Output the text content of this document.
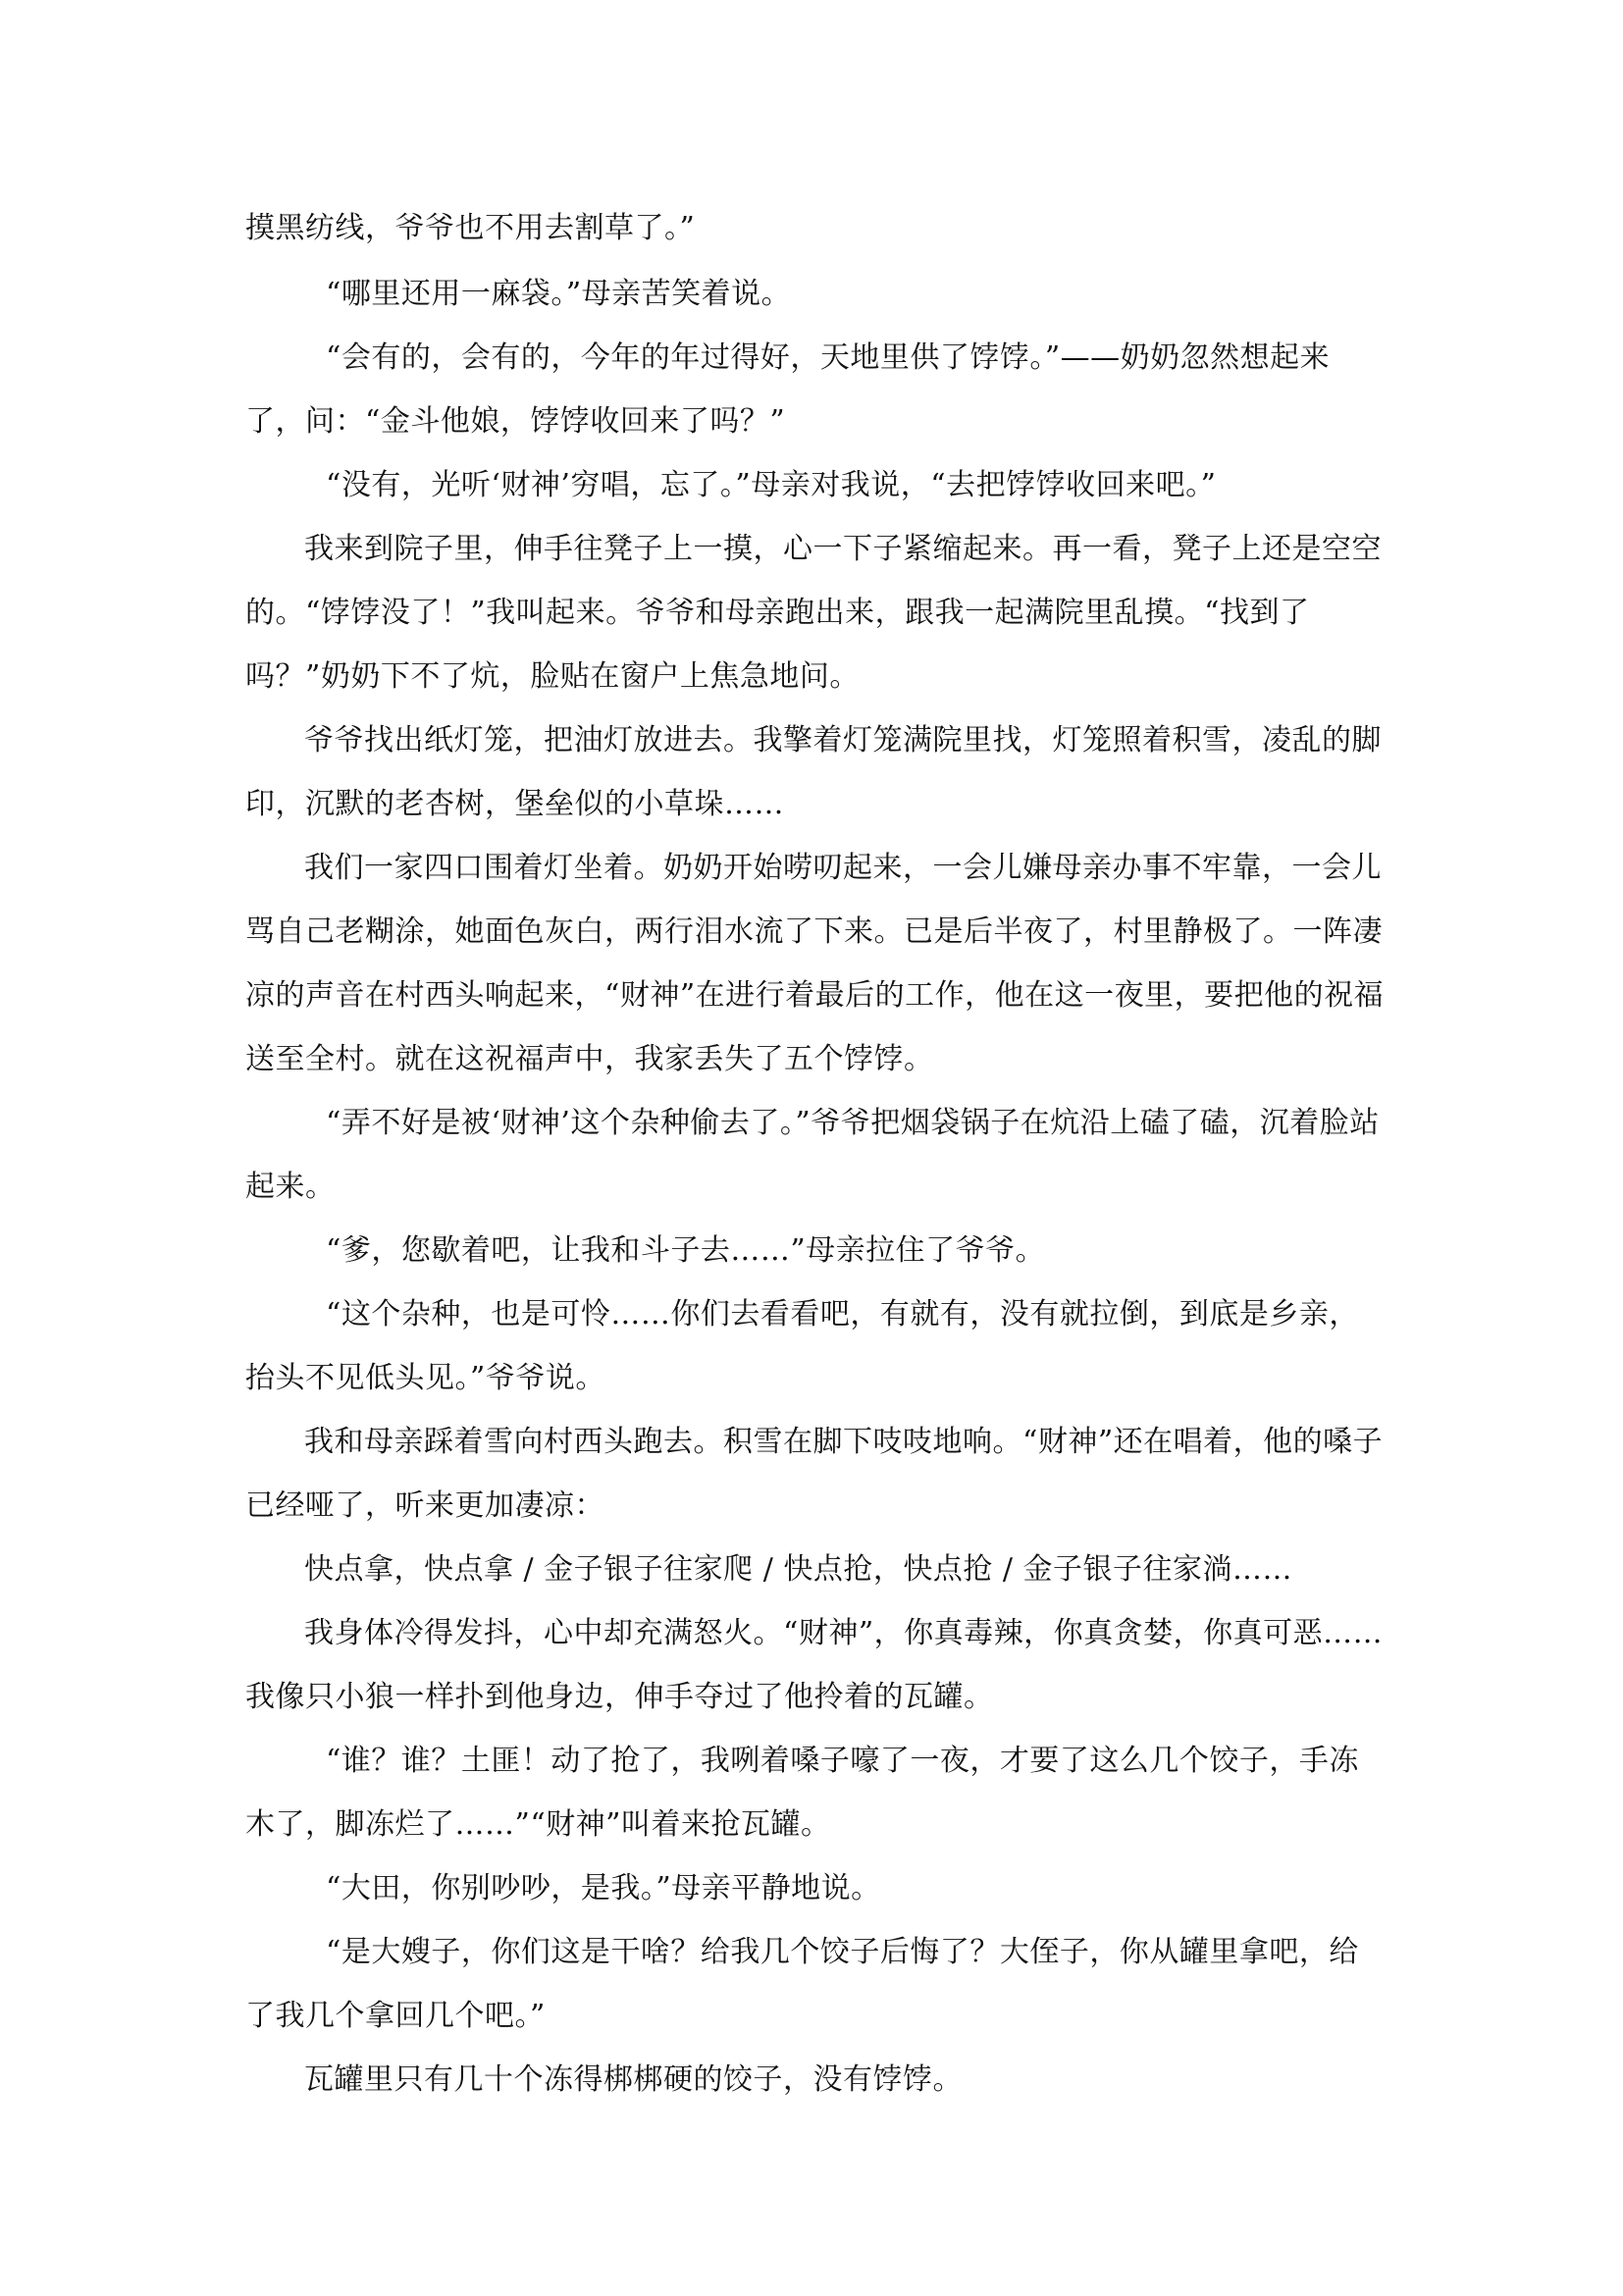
摸黑纺线，爷爷也不用去割草了。”

“哪里还用一麻袋。”母亲苦笑着说。

“会有的，会有的，今年的年过得好，天地里供了饽饽。”——奶奶忽然想起来了，问：“金斗他娘，饽饽收回来了吗？”

“没有，光听‘财神’穷唱，忘了。”母亲对我说，“去把饽饽收回来吧。”

我来到院子里，伸手往凳子上一摸，心一下子紧缩起来。再一看，凳子上还是空空的。“饽饽没了！”我叫起来。爷爷和母亲跑出来，跟我一起满院里乱摸。“找到了吗？”奶奶下不了炕，脸贴在窗户上焦急地问。

爷爷找出纸灯笼，把油灯放进去。我擎着灯笼满院里找，灯笼照着积雪，凌乱的脚印，沉默的老杏树，堡垒似的小草垛……

我们一家四口围着灯坐着。奶奶开始唠叨起来，一会儿嫌母亲办事不牢靠，一会儿骂自己老糊涂，她面色灰白，两行泪水流了下来。已是后半夜了，村里静极了。一阵凄凉的声音在村西头响起来，“财神”在进行着最后的工作，他在这一夜里，要把他的祝福送至全村。就在这祝福声中，我家丢失了五个饽饽。

“弄不好是被‘财神’这个杂种偷去了。”爷爷把烟袋锅子在炕沿上磕了磕，沉着脸站起来。

“爹，您歇着吧，让我和斗子去……”母亲拉住了爷爷。

“这个杂种，也是可怜……你们去看看吧，有就有，没有就拉倒，到底是乡亲，抬头不见低头见。”爷爷说。

我和母亲踩着雪向村西头跑去。积雪在脚下吱吱地响。“财神”还在唱着，他的嗓子已经哑了，听来更加凄凉：

快点拿，快点拿 / 金子银子往家爬 / 快点抢，快点抢 / 金子银子往家淌……

我身体冷得发抖，心中却充满怒火。“财神”，你真毒辣，你真贪婪，你真可恶……我像只小狼一样扑到他身边，伸手夺过了他拎着的瓦罐。

“谁？谁？土匪！动了抢了，我咧着嗓子嚎了一夜，才要了这么几个饺子，手冻木了，脚冻烂了……”“财神”叫着来抢瓦罐。

“大田，你别吵吵，是我。”母亲平静地说。

“是大嫂子，你们这是干啥？给我几个饺子后悔了？大侄子，你从罐里拿吧，给了我几个拿回几个吧。”

瓦罐里只有几十个冻得梆梆硬的饺子，没有饽饽。
